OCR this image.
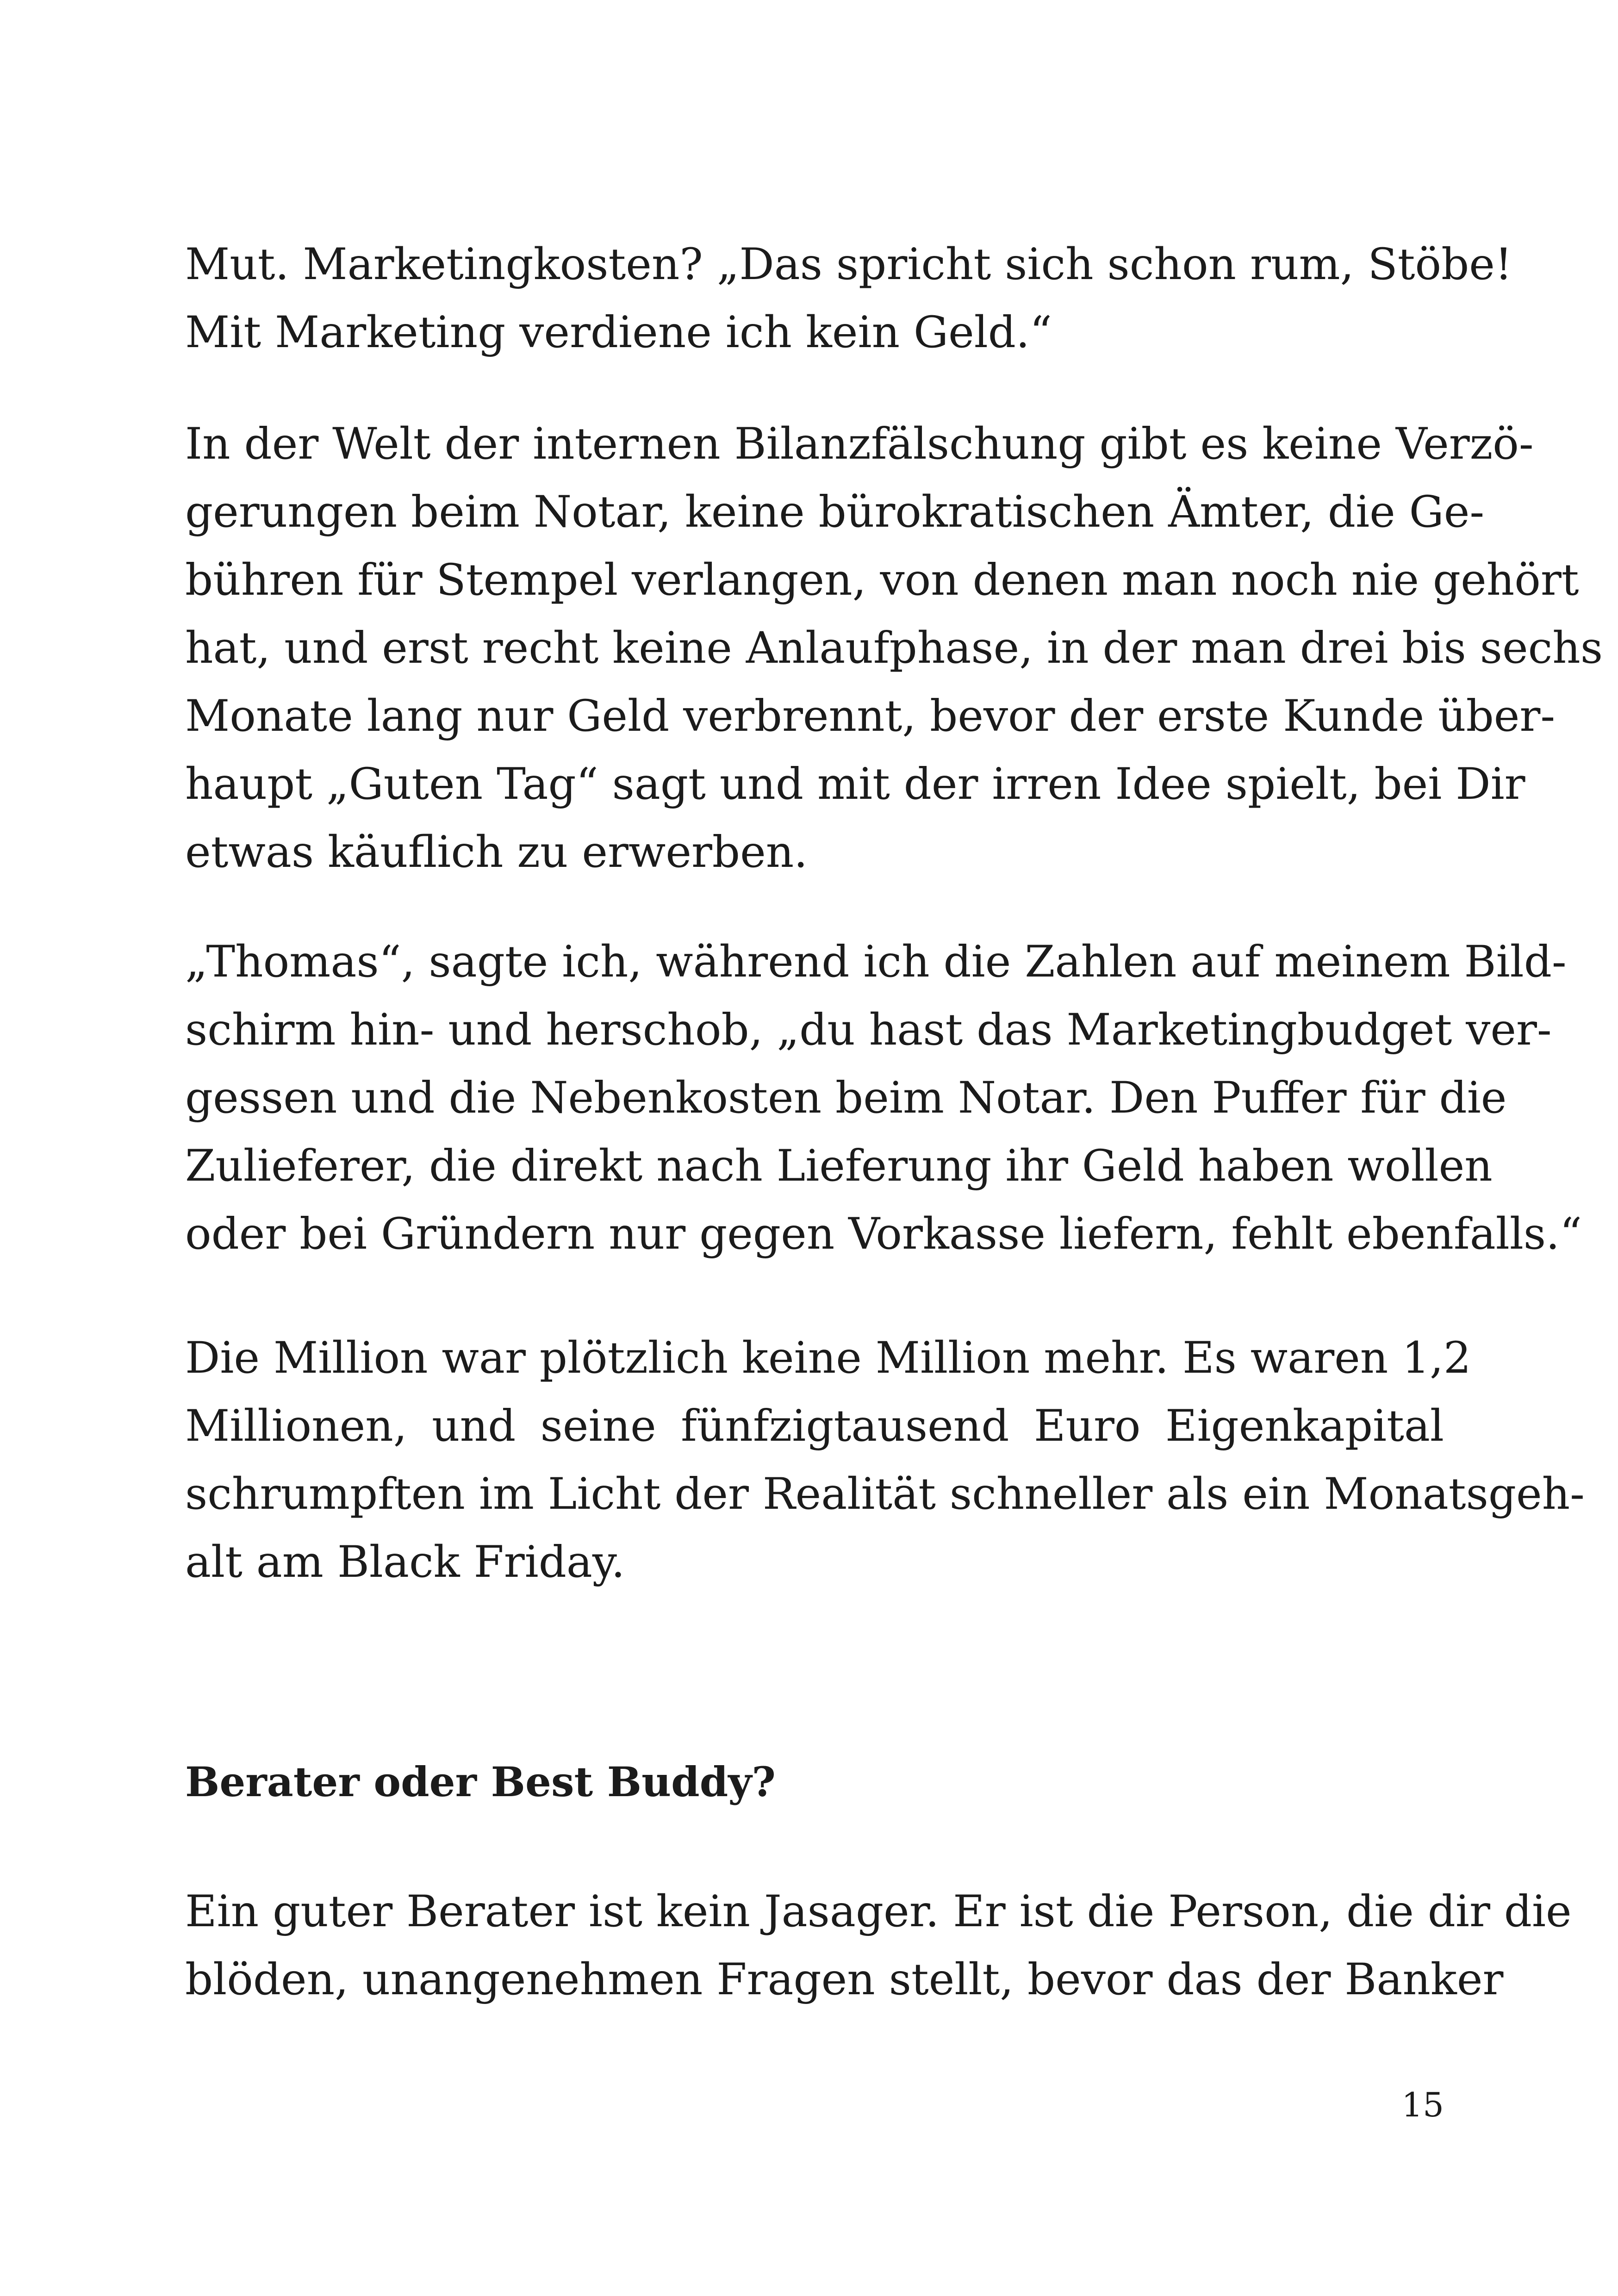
Mut. Marketingkosten? „Das spricht sich schon rum, Stöbe!
Mit Marketing verdiene ich kein Geld.“
In der Welt der internen Bilanzfälschung gibt es keine Verzö-
gerungen beim Notar, keine bürokratischen Ämter, die Ge-
bühren für Stempel verlangen, von denen man noch nie gehört
hat, und erst recht keine Anlaufphase, in der man drei bis sechs
Monate lang nur Geld verbrennt, bevor der erste Kunde über-
haupt „Guten Tag“ sagt und mit der irren Idee spielt, bei Dir
etwas käuflich zu erwerben.
„Thomas“, sagte ich, während ich die Zahlen auf meinem Bild-
schirm hin- und herschob, „du hast das Marketingbudget ver-
gessen und die Nebenkosten beim Notar. Den Puffer für die
Zulieferer, die direkt nach Lieferung ihr Geld haben wollen
oder bei Gründern nur gegen Vorkasse liefern, fehlt ebenfalls.“
Die Million war plötzlich keine Million mehr. Es waren 1,2
Millionen, und seine fünfzigtausend Euro Eigenkapital
schrumpften im Licht der Realität schneller als ein Monatsgeh-
alt am Black Friday.
Berater oder Best Buddy?
Ein guter Berater ist kein Jasager. Er ist die Person, die dir die
blöden, unangenehmen Fragen stellt, bevor das der Banker
15
